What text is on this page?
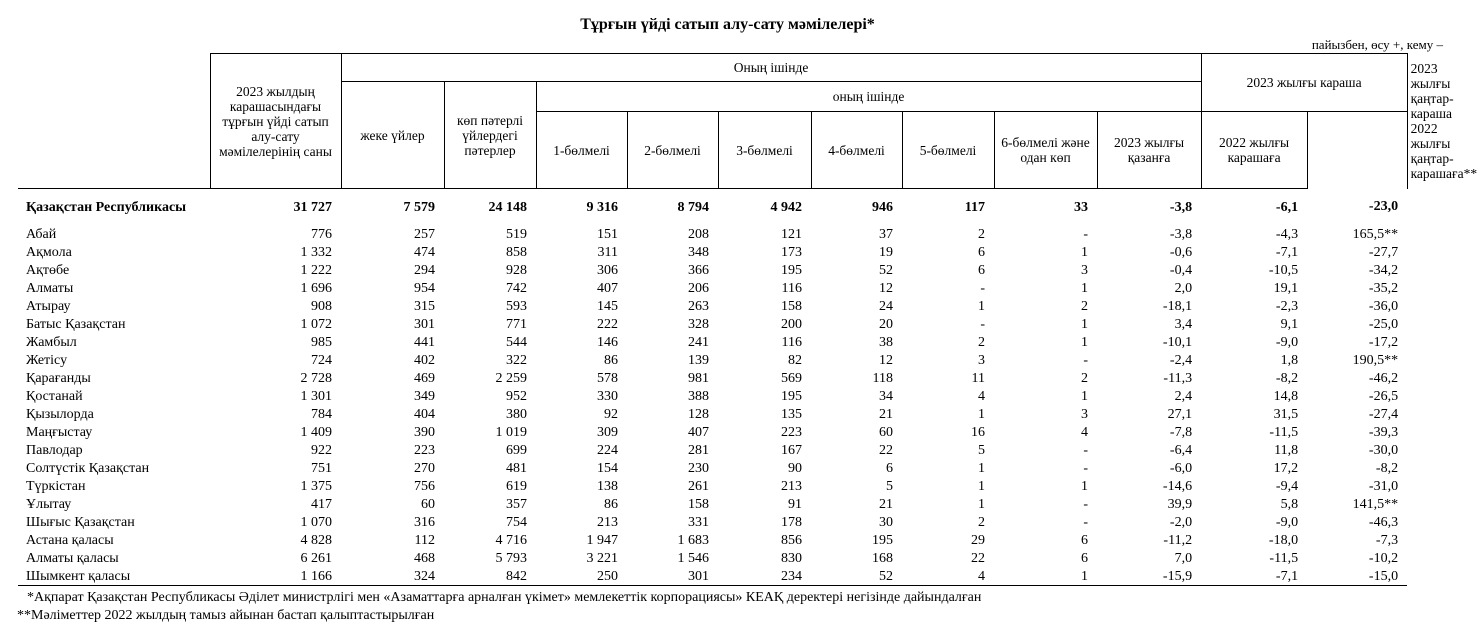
Тұрғын үйді сатып алу-сату мәмілелері*
пайызбен, өсу +, кему –
	2023 жылдың карашасындағы тұрғын үйді сатып алу-сату мәмілелерінің саны	Оның ішінде									2023 жылғы караша		2023 жылғы қаңтар-караша 2022 жылғы қаңтар-карашаға**
		жеке үйлер	көп пәтерлі үйлердегі пәтерлер	оның ішінде									
				1-бөлмелі	2-бөлмелі	3-бөлмелі	4-бөлмелі	5-бөлмелі	6-бөлмелі және одан көп	2023 жылғы қазанға	2022 жылғы карашаға		
Қазақстан Республикасы	31 727	7 579	24 148	9 316	8 794	4 942	946	117	33	-3,8	-6,1	-23,0	
Абай	776	257	519	151	208	121	37	2	-	-3,8	-4,3	165,5**	
Ақмола	1 332	474	858	311	348	173	19	6	1	-0,6	-7,1	-27,7	
Ақтөбе	1 222	294	928	306	366	195	52	6	3	-0,4	-10,5	-34,2	
Алматы	1 696	954	742	407	206	116	12	-	1	2,0	19,1	-35,2	
Атырау	908	315	593	145	263	158	24	1	2	-18,1	-2,3	-36,0	
Батыс Қазақстан	1 072	301	771	222	328	200	20	-	1	3,4	9,1	-25,0	
Жамбыл	985	441	544	146	241	116	38	2	1	-10,1	-9,0	-17,2	
Жетісу	724	402	322	86	139	82	12	3	-	-2,4	1,8	190,5**	
Қарағанды	2 728	469	2 259	578	981	569	118	11	2	-11,3	-8,2	-46,2	
Қостанай	1 301	349	952	330	388	195	34	4	1	2,4	14,8	-26,5	
Қызылорда	784	404	380	92	128	135	21	1	3	27,1	31,5	-27,4	
Маңғыстау	1 409	390	1 019	309	407	223	60	16	4	-7,8	-11,5	-39,3	
Павлодар	922	223	699	224	281	167	22	5	-	-6,4	11,8	-30,0	
Солтүстік Қазақстан	751	270	481	154	230	90	6	1	-	-6,0	17,2	-8,2	
Түркістан	1 375	756	619	138	261	213	5	1	1	-14,6	-9,4	-31,0	
Ұлытау	417	60	357	86	158	91	21	1	-	39,9	5,8	141,5**	
Шығыс Қазақстан	1 070	316	754	213	331	178	30	2	-	-2,0	-9,0	-46,3	
Астана қаласы	4 828	112	4 716	1 947	1 683	856	195	29	6	-11,2	-18,0	-7,3	
Алматы қаласы	6 261	468	5 793	3 221	1 546	830	168	22	6	7,0	-11,5	-10,2	
Шымкент қаласы	1 166	324	842	250	301	234	52	4	1	-15,9	-7,1	-15,0	
*Ақпарат Қазақстан Республикасы Әділет министрлігі мен «Азаматтарға арналған үкімет» мемлекеттік корпорациясы» КЕАҚ деректері негізінде дайындалған
**Мәліметтер 2022 жылдың тамыз айынан бастап қалыптастырылған
